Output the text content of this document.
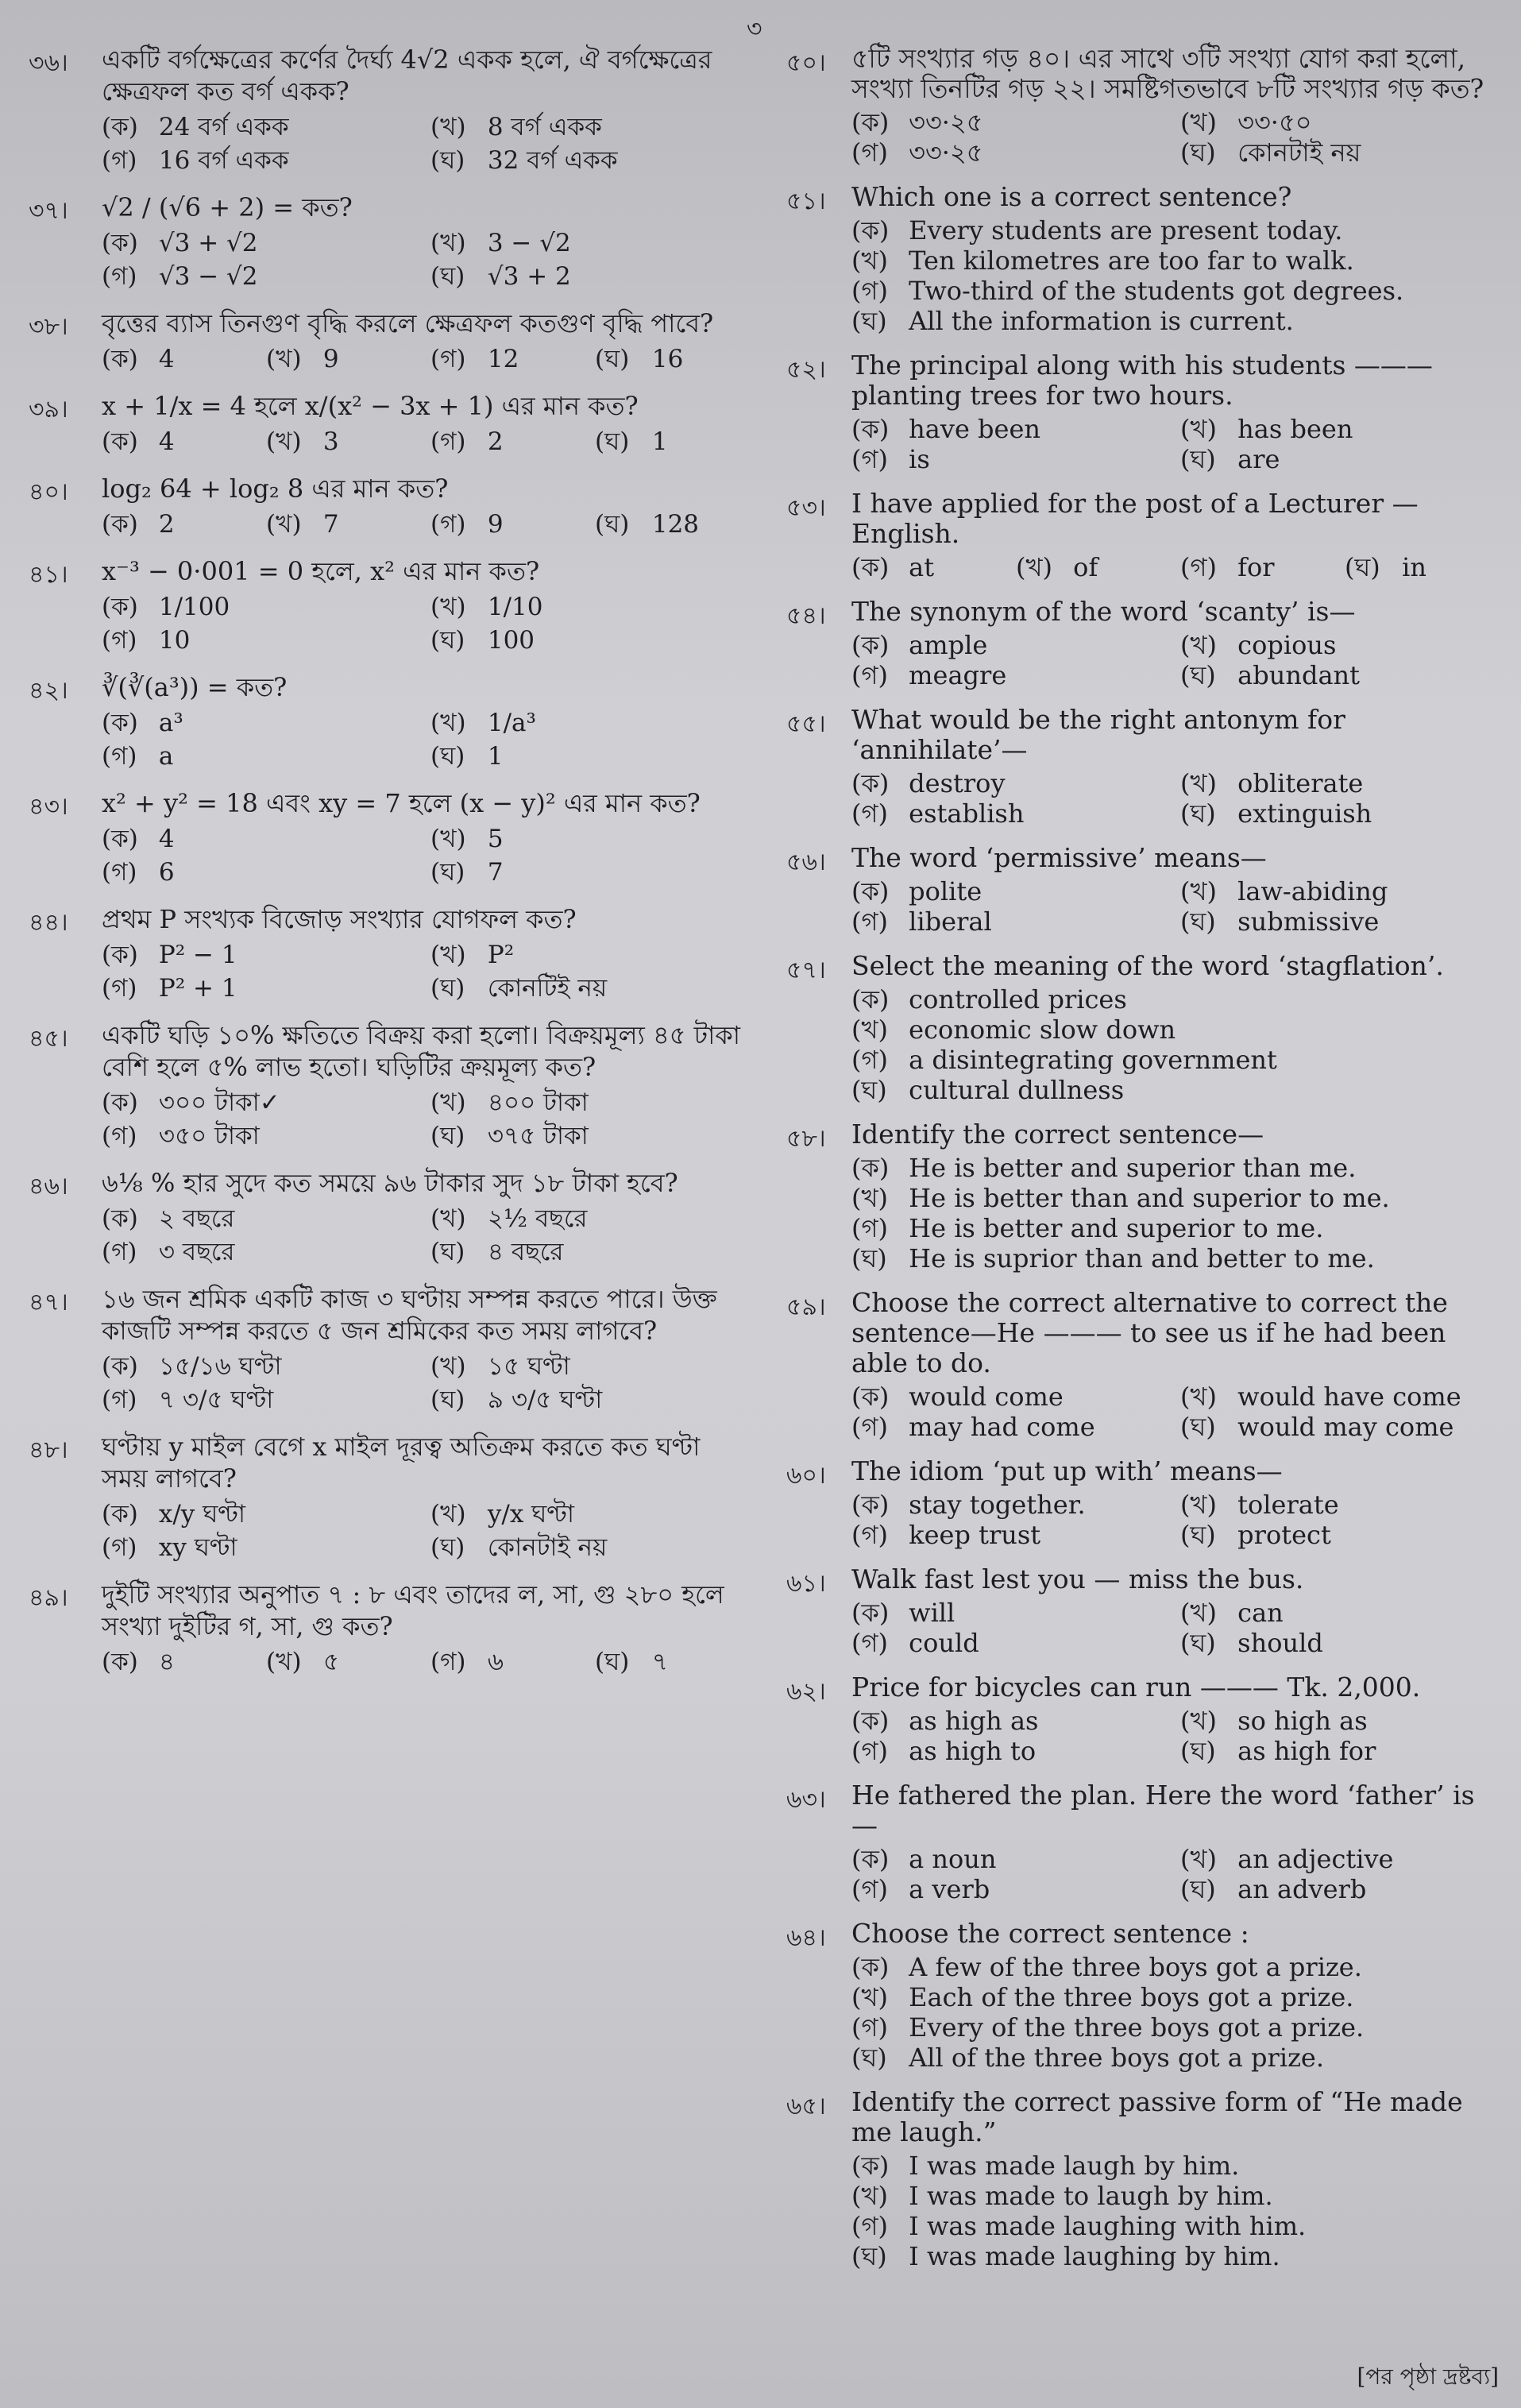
৩
৩৬। একটি বর্গক্ষেত্রের কর্ণের দৈর্ঘ্য 4√2 একক হলে, ঐ বর্গক্ষেত্রের ক্ষেত্রফল কত বর্গ একক?
(ক) 24 বর্গ একক	(খ) 8 বর্গ একক
(গ) 16 বর্গ একক	(ঘ) 32 বর্গ একক
৩৭। √2 / (√6 + 2) = কত?
(ক) √3 + √2	(খ) 3 − √2
(গ) √3 − √2	(ঘ) √3 + 2
৩৮। বৃত্তের ব্যাস তিনগুণ বৃদ্ধি করলে ক্ষেত্রফল কতগুণ বৃদ্ধি পাবে?
(ক) 4	(খ) 9	(গ) 12	(ঘ) 16
৩৯। x + 1/x = 4 হলে x/(x² − 3x + 1) এর মান কত?
(ক) 4	(খ) 3	(গ) 2	(ঘ) 1
৪০। log₂ 64 + log₂ 8 এর মান কত?
(ক) 2	(খ) 7	(গ) 9	(ঘ) 128
৪১। x⁻³ − 0·001 = 0 হলে, x² এর মান কত?
(ক) 1/100	(খ) 1/10
(গ) 10	(ঘ) 100
৪২। ∛(∛(a³)) = কত?
(ক) a³	(খ) 1/a³
(গ) a	(ঘ) 1
৪৩। x² + y² = 18 এবং xy = 7 হলে (x − y)² এর মান কত?
(ক) 4	(খ) 5
(গ) 6	(ঘ) 7
৪৪। প্রথম P সংখ্যক বিজোড় সংখ্যার যোগফল কত?
(ক) P² − 1	(খ) P²
(গ) P² + 1	(ঘ) কোনটিই নয়
৪৫। একটি ঘড়ি ১০% ক্ষতিতে বিক্রয় করা হলো। বিক্রয়মূল্য ৪৫ টাকা বেশি হলে ৫% লাভ হতো। ঘড়িটির ক্রয়মূল্য কত?
(ক) ৩০০ টাকা✓	(খ) ৪০০ টাকা
(গ) ৩৫০ টাকা	(ঘ) ৩৭৫ টাকা
৪৬। ৬⅛ % হার সুদে কত সময়ে ৯৬ টাকার সুদ ১৮ টাকা হবে?
(ক) ২ বছরে	(খ) ২½ বছরে
(গ) ৩ বছরে	(ঘ) ৪ বছরে
৪৭। ১৬ জন শ্রমিক একটি কাজ ৩ ঘণ্টায় সম্পন্ন করতে পারে। উক্ত কাজটি সম্পন্ন করতে ৫ জন শ্রমিকের কত সময় লাগবে?
(ক) ১৫/১৬ ঘণ্টা	(খ) ১৫ ঘণ্টা
(গ) ৭ ৩/৫ ঘণ্টা	(ঘ) ৯ ৩/৫ ঘণ্টা
৪৮। ঘণ্টায় y মাইল বেগে x মাইল দূরত্ব অতিক্রম করতে কত ঘণ্টা সময় লাগবে?
(ক) x/y ঘণ্টা	(খ) y/x ঘণ্টা
(গ) xy ঘণ্টা	(ঘ) কোনটাই নয়
৪৯। দুইটি সংখ্যার অনুপাত ৭ : ৮ এবং তাদের ল, সা, গু ২৮০ হলে সংখ্যা দুইটির গ, সা, গু কত?
(ক) ৪	(খ) ৫	(গ) ৬	(ঘ) ৭
৫০। ৫টি সংখ্যার গড় ৪০। এর সাথে ৩টি সংখ্যা যোগ করা হলো, সংখ্যা তিনটির গড় ২২। সমষ্টিগতভাবে ৮টি সংখ্যার গড় কত?
(ক) ৩৩·২৫	(খ) ৩৩·৫০
(গ) ৩৩·২৫	(ঘ) কোনটাই নয়
৫১। Which one is a correct sentence?
(ক) Every students are present today.
(খ) Ten kilometres are too far to walk.
(গ) Two-third of the students got degrees.
(ঘ) All the information is current.
৫২। The principal along with his students ——— planting trees for two hours.
(ক) have been	(খ) has been
(গ) is	(ঘ) are
৫৩। I have applied for the post of a Lecturer — English.
(ক) at	(খ) of	(গ) for	(ঘ) in
৫৪। The synonym of the word ‘scanty’ is—
(ক) ample	(খ) copious
(গ) meagre	(ঘ) abundant
৫৫। What would be the right antonym for ‘annihilate’—
(ক) destroy	(খ) obliterate
(গ) establish	(ঘ) extinguish
৫৬। The word ‘permissive’ means—
(ক) polite	(খ) law-abiding
(গ) liberal	(ঘ) submissive
৫৭। Select the meaning of the word ‘stagflation’.
(ক) controlled prices
(খ) economic slow down
(গ) a disintegrating government
(ঘ) cultural dullness
৫৮। Identify the correct sentence—
(ক) He is better and superior than me.
(খ) He is better than and superior to me.
(গ) He is better and superior to me.
(ঘ) He is suprior than and better to me.
৫৯। Choose the correct alternative to correct the sentence—He ——— to see us if he had been able to do.
(ক) would come	(খ) would have come
(গ) may had come	(ঘ) would may come
৬০। The idiom ‘put up with’ means—
(ক) stay together.	(খ) tolerate
(গ) keep trust	(ঘ) protect
৬১। Walk fast lest you — miss the bus.
(ক) will	(খ) can
(গ) could	(ঘ) should
৬২। Price for bicycles can run ——— Tk. 2,000.
(ক) as high as	(খ) so high as
(গ) as high to	(ঘ) as high for
৬৩। He fathered the plan. Here the word ‘father’ is—
(ক) a noun	(খ) an adjective
(গ) a verb	(ঘ) an adverb
৬৪। Choose the correct sentence :
(ক) A few of the three boys got a prize.
(খ) Each of the three boys got a prize.
(গ) Every of the three boys got a prize.
(ঘ) All of the three boys got a prize.
৬৫। Identify the correct passive form of “He made me laugh.”
(ক) I was made laugh by him.
(খ) I was made to laugh by him.
(গ) I was made laughing with him.
(ঘ) I was made laughing by him.
[পর পৃষ্ঠা দ্রষ্টব্য]
